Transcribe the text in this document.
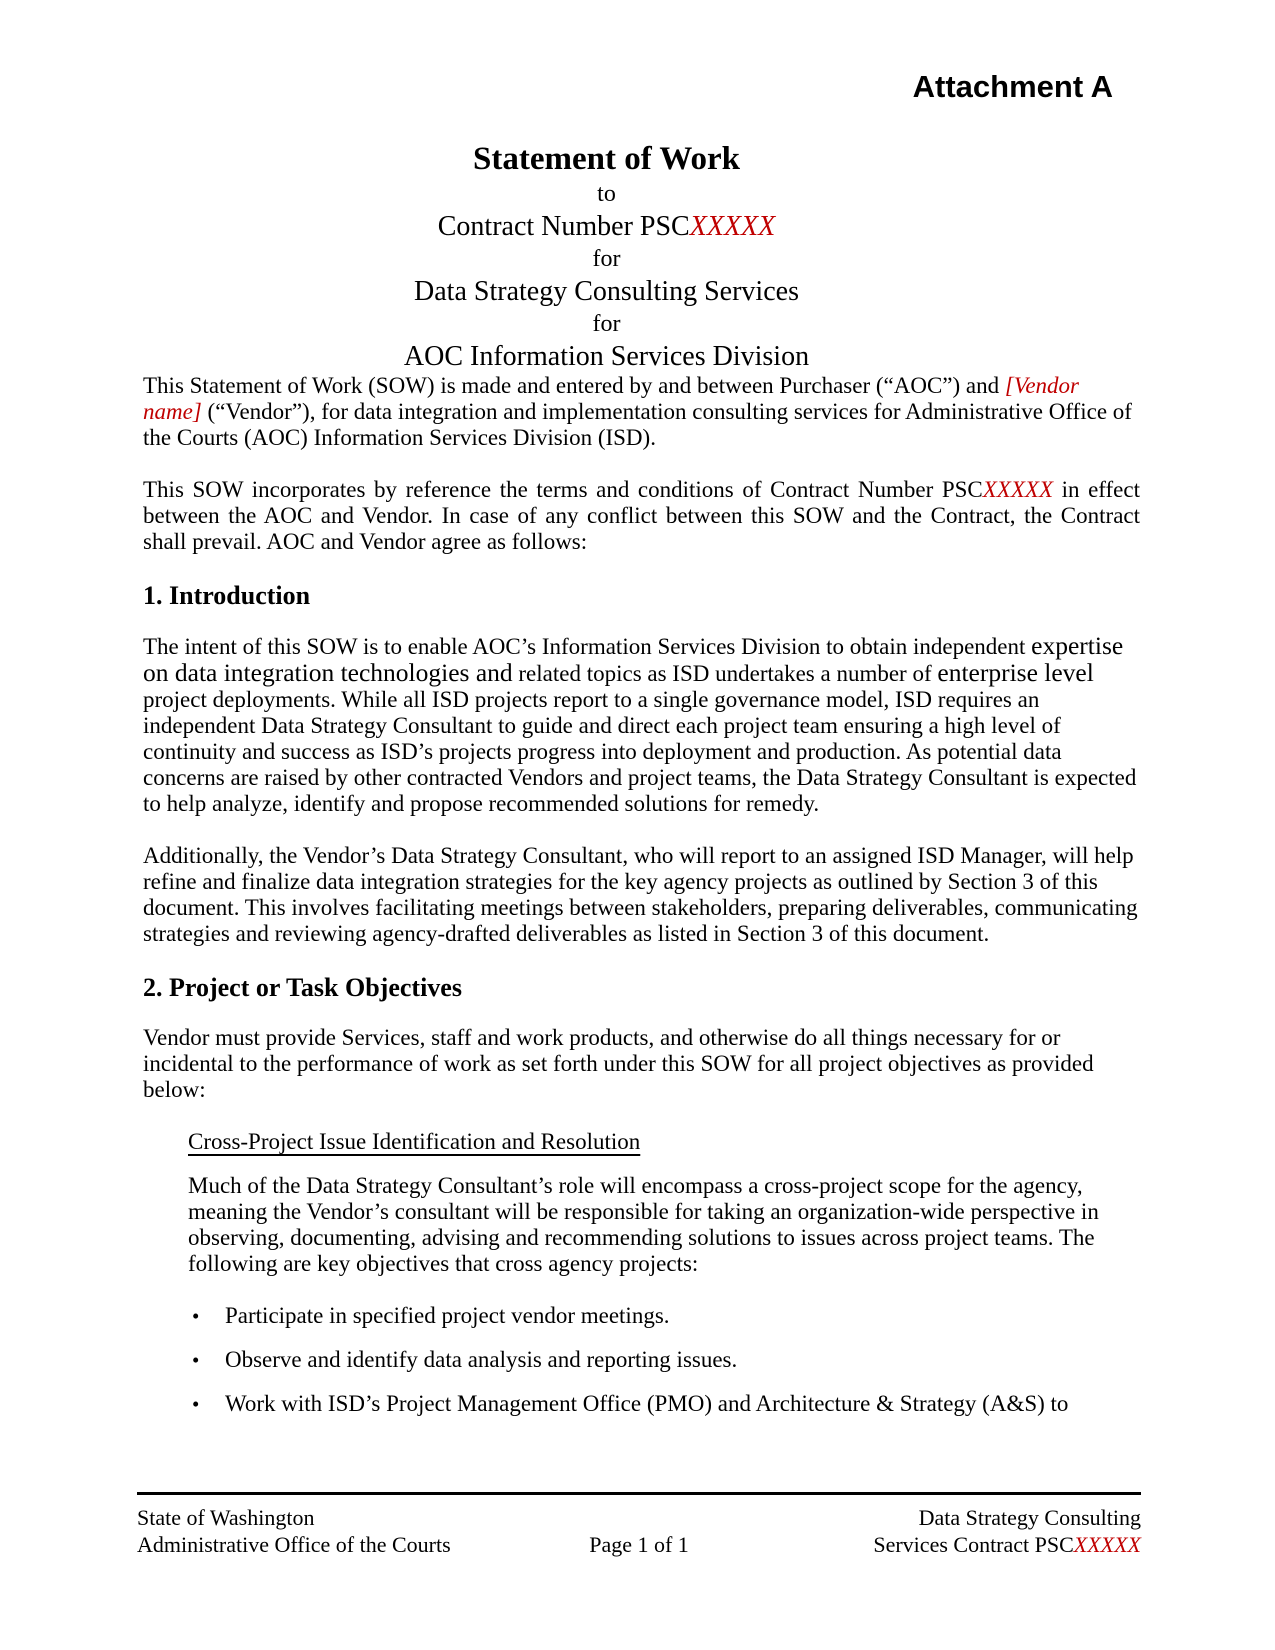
Attachment A
Statement of Work
to
Contract Number PSCXXXXX
for
Data Strategy Consulting Services
for
AOC Information Services Division

This Statement of Work (SOW) is made and entered by and between Purchaser (“AOC”) and [Vendor name] (“Vendor”), for data integration and implementation consulting services for Administrative Office of the Courts (AOC) Information Services Division (ISD).

This SOW incorporates by reference the terms and conditions of Contract Number PSCXXXXX in effect between the AOC and Vendor. In case of any conflict between this SOW and the Contract, the Contract shall prevail. AOC and Vendor agree as follows:

1. Introduction

The intent of this SOW is to enable AOC’s Information Services Division to obtain independent expertise on data integration technologies and related topics as ISD undertakes a number of enterprise level project deployments. While all ISD projects report to a single governance model, ISD requires an independent Data Strategy Consultant to guide and direct each project team ensuring a high level of continuity and success as ISD’s projects progress into deployment and production. As potential data concerns are raised by other contracted Vendors and project teams, the Data Strategy Consultant is expected to help analyze, identify and propose recommended solutions for remedy.

Additionally, the Vendor’s Data Strategy Consultant, who will report to an assigned ISD Manager, will help refine and finalize data integration strategies for the key agency projects as outlined by Section 3 of this document. This involves facilitating meetings between stakeholders, preparing deliverables, communicating strategies and reviewing agency-drafted deliverables as listed in Section 3 of this document.

2. Project or Task Objectives

Vendor must provide Services, staff and work products, and otherwise do all things necessary for or incidental to the performance of work as set forth under this SOW for all project objectives as provided below:

Cross-Project Issue Identification and Resolution

Much of the Data Strategy Consultant’s role will encompass a cross-project scope for the agency, meaning the Vendor’s consultant will be responsible for taking an organization-wide perspective in observing, documenting, advising and recommending solutions to issues across project teams. The following are key objectives that cross agency projects:

•	Participate in specified project vendor meetings.
•	Observe and identify data analysis and reporting issues.
•	Work with ISD’s Project Management Office (PMO) and Architecture & Strategy (A&S) to
State of Washington	Data Strategy Consulting
Administrative Office of the Courts	Page 1 of 1	Services Contract PSCXXXXX
